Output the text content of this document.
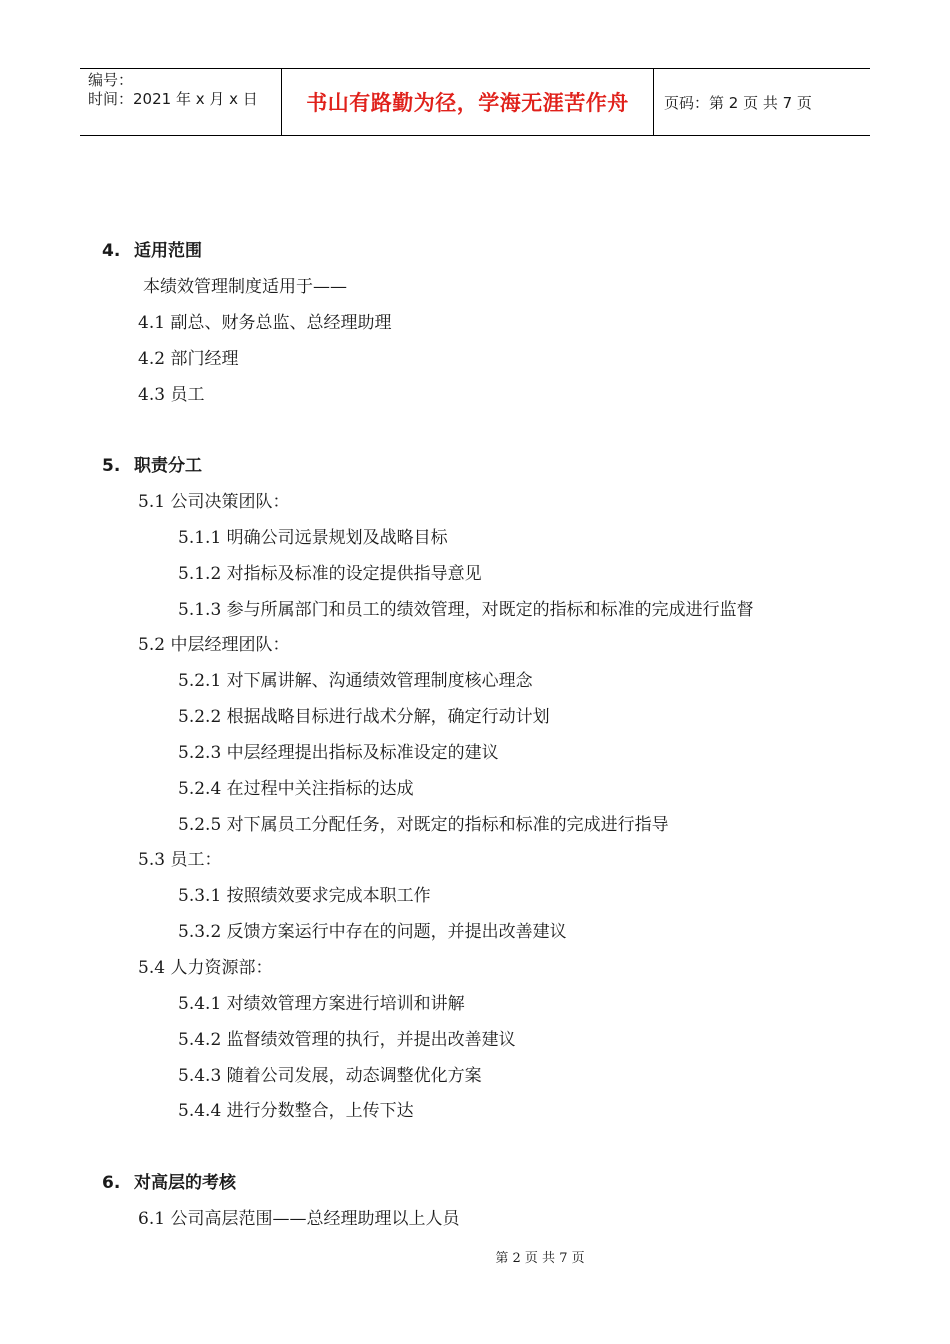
编号：
时间：2021 年 x 月 x 日	书山有路勤为径，学海无涯苦作舟	页码：第 2 页 共 7 页
4. 适用范围
本绩效管理制度适用于——
4.1 副总、财务总监、总经理助理
4.2 部门经理
4.3 员工
5. 职责分工
5.1 公司决策团队：
5.1.1 明确公司远景规划及战略目标
5.1.2 对指标及标准的设定提供指导意见
5.1.3 参与所属部门和员工的绩效管理，对既定的指标和标准的完成进行监督
5.2 中层经理团队：
5.2.1 对下属讲解、沟通绩效管理制度核心理念
5.2.2 根据战略目标进行战术分解，确定行动计划
5.2.3 中层经理提出指标及标准设定的建议
5.2.4 在过程中关注指标的达成
5.2.5 对下属员工分配任务，对既定的指标和标准的完成进行指导
5.3 员工：
5.3.1 按照绩效要求完成本职工作
5.3.2 反馈方案运行中存在的问题，并提出改善建议
5.4 人力资源部：
5.4.1 对绩效管理方案进行培训和讲解
5.4.2 监督绩效管理的执行，并提出改善建议
5.4.3 随着公司发展，动态调整优化方案
5.4.4 进行分数整合，上传下达
6. 对高层的考核
6.1 公司高层范围——总经理助理以上人员
第 2 页 共 7 页
